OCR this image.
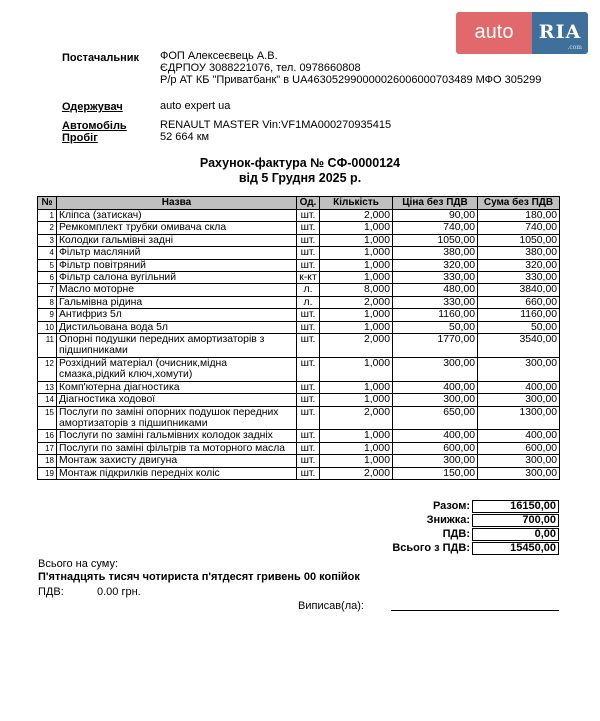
auto	RIA
.com
Постачальник ФОП Алексеєвець А.В.
ЄДРПОУ 3088221076, тел. 0978660808
Р/р АТ КБ "Приватбанк" в UA463052990000026006000703489 МФО 305299
Одержувач	auto expert ua
Автомобіль	RENAULT MASTER Vin:VF1MA000270935415
Пробіг	52 664 км
Рахунок-фактура № СФ-0000124
від 5 Грудня 2025 р.
№	Назва	Од.	Кількість	Ціна без ПДВ	Сума без ПДВ
1	Кліпса (затискач)	шт.	2,000	90,00	180,00
2	Ремкомплект трубки омивача скла	шт.	1,000	740,00	740,00
3	Колодки гальмівні задні	шт.	1,000	1050,00	1050,00
4	Фільтр масляний	шт.	1,000	380,00	380,00
5	Фільтр повітряний	шт.	1,000	320,00	320,00
6	Фільтр салона вугільний	к-кт	1,000	330,00	330,00
7	Масло моторне	л.	8,000	480,00	3840,00
8	Гальмівна рідина	л.	2,000	330,00	660,00
9	Антифриз 5л	шт.	1,000	1160,00	1160,00
10	Дистильована вода 5л	шт.	1,000	50,00	50,00
11	Опорні подушки передних амортизаторів з підшипниками	шт.	2,000	1770,00	3540,00
12	Розхідний матеріал (очисник,мідна смазка,рідкий ключ,хомути)	шт.	1,000	300,00	300,00
13	Комп'ютерна діагностика	шт.	1,000	400,00	400,00
14	Діагностика ходової	шт.	1,000	300,00	300,00
15	Послуги по заміні опорних подушок передних амортизаторів з підшипниками	шт.	2,000	650,00	1300,00
16	Послуги по заміні гальмівних колодок задніх	шт.	1,000	400,00	400,00
17	Послуги по заміні фільтрів та моторного масла	шт.	1,000	600,00	600,00
18	Монтаж захисту двигуна	шт.	1,000	300,00	300,00
19	Монтаж підкрилків передніх коліс	шт.	2,000	150,00	300,00
Разом:	16150,00
Знижка:	700,00
ПДВ:	0,00
Всього з ПДВ:	15450,00
Всього на суму:
П'ятнадцять тисяч чотириста п'ятдесят гривень 00 копійок
ПДВ:	0.00 грн.
Виписав(ла):
